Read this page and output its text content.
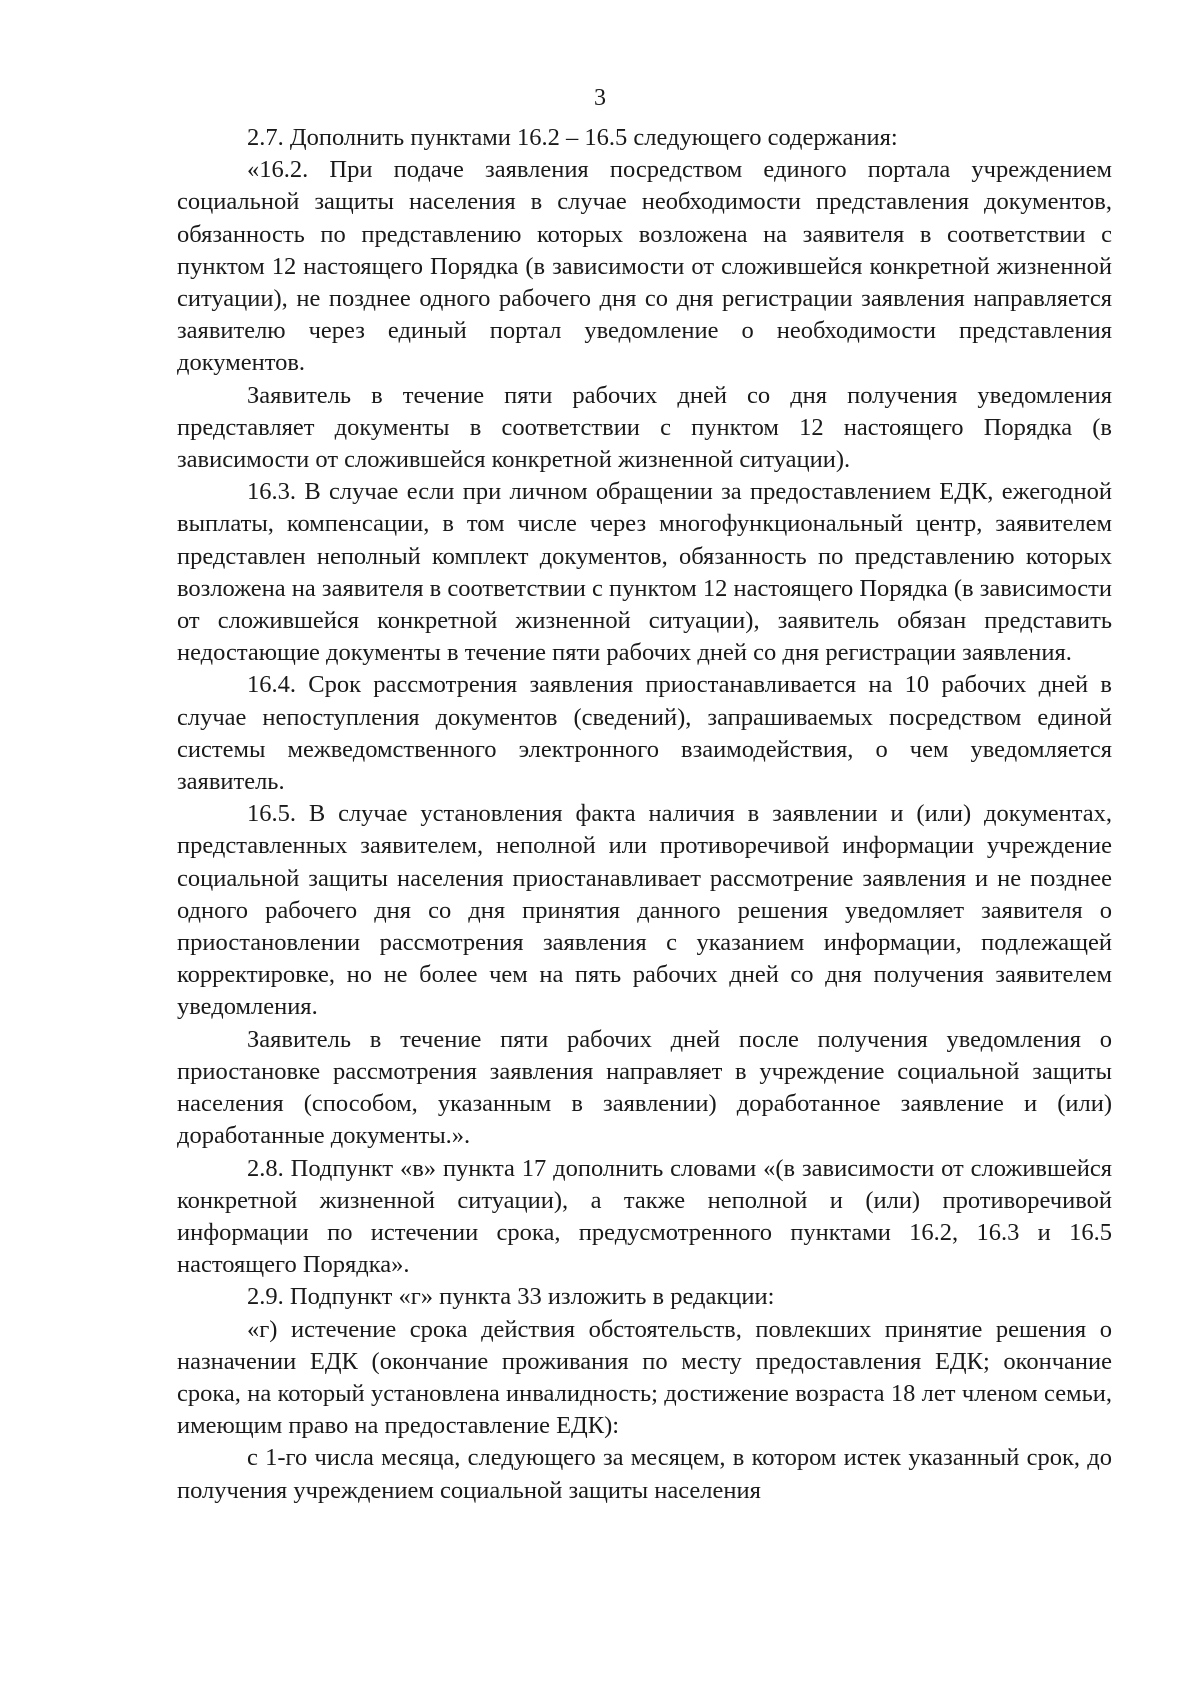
3

2.7. Дополнить пунктами 16.2 – 16.5 следующего содержания:

«16.2. При подаче заявления посредством единого портала учреждением социальной защиты населения в случае необходимости представления документов, обязанность по представлению которых возложена на заявителя в соответствии с пунктом 12 настоящего Порядка (в зависимости от сложившейся конкретной жизненной ситуации), не позднее одного рабочего дня со дня регистрации заявления направляется заявителю через единый портал уведомление о необходимости представления документов.

Заявитель в течение пяти рабочих дней со дня получения уведомления представляет документы в соответствии с пунктом 12 настоящего Порядка (в зависимости от сложившейся конкретной жизненной ситуации).

16.3. В случае если при личном обращении за предоставлением ЕДК, ежегодной выплаты, компенсации, в том числе через многофункциональный центр, заявителем представлен неполный комплект документов, обязанность по представлению которых возложена на заявителя в соответствии с пунктом 12 настоящего Порядка (в зависимости от сложившейся конкретной жизненной ситуации), заявитель обязан представить недостающие документы в течение пяти рабочих дней со дня регистрации заявления.

16.4. Срок рассмотрения заявления приостанавливается на 10 рабочих дней в случае непоступления документов (сведений), запрашиваемых посредством единой системы межведомственного электронного взаимодействия, о чем уведомляется заявитель.

16.5. В случае установления факта наличия в заявлении и (или) документах, представленных заявителем, неполной или противоречивой информации учреждение социальной защиты населения приостанавливает рассмотрение заявления и не позднее одного рабочего дня со дня принятия данного решения уведомляет заявителя о приостановлении рассмотрения заявления с указанием информации, подлежащей корректировке, но не более чем на пять рабочих дней со дня получения заявителем уведомления.

Заявитель в течение пяти рабочих дней после получения уведомления о приостановке рассмотрения заявления направляет в учреждение социальной защиты населения (способом, указанным в заявлении) доработанное заявление и (или) доработанные документы.».

2.8. Подпункт «в» пункта 17 дополнить словами «(в зависимости от сложившейся конкретной жизненной ситуации), а также неполной и (или) противоречивой информации по истечении срока, предусмотренного пунктами 16.2, 16.3 и 16.5 настоящего Порядка».

2.9. Подпункт «г» пункта 33 изложить в редакции:

«г) истечение срока действия обстоятельств, повлекших принятие решения о назначении ЕДК (окончание проживания по месту предоставления ЕДК; окончание срока, на который установлена инвалидность; достижение возраста 18 лет членом семьи, имеющим право на предоставление ЕДК):

с 1-го числа месяца, следующего за месяцем, в котором истек указанный срок, до получения учреждением социальной защиты населения
